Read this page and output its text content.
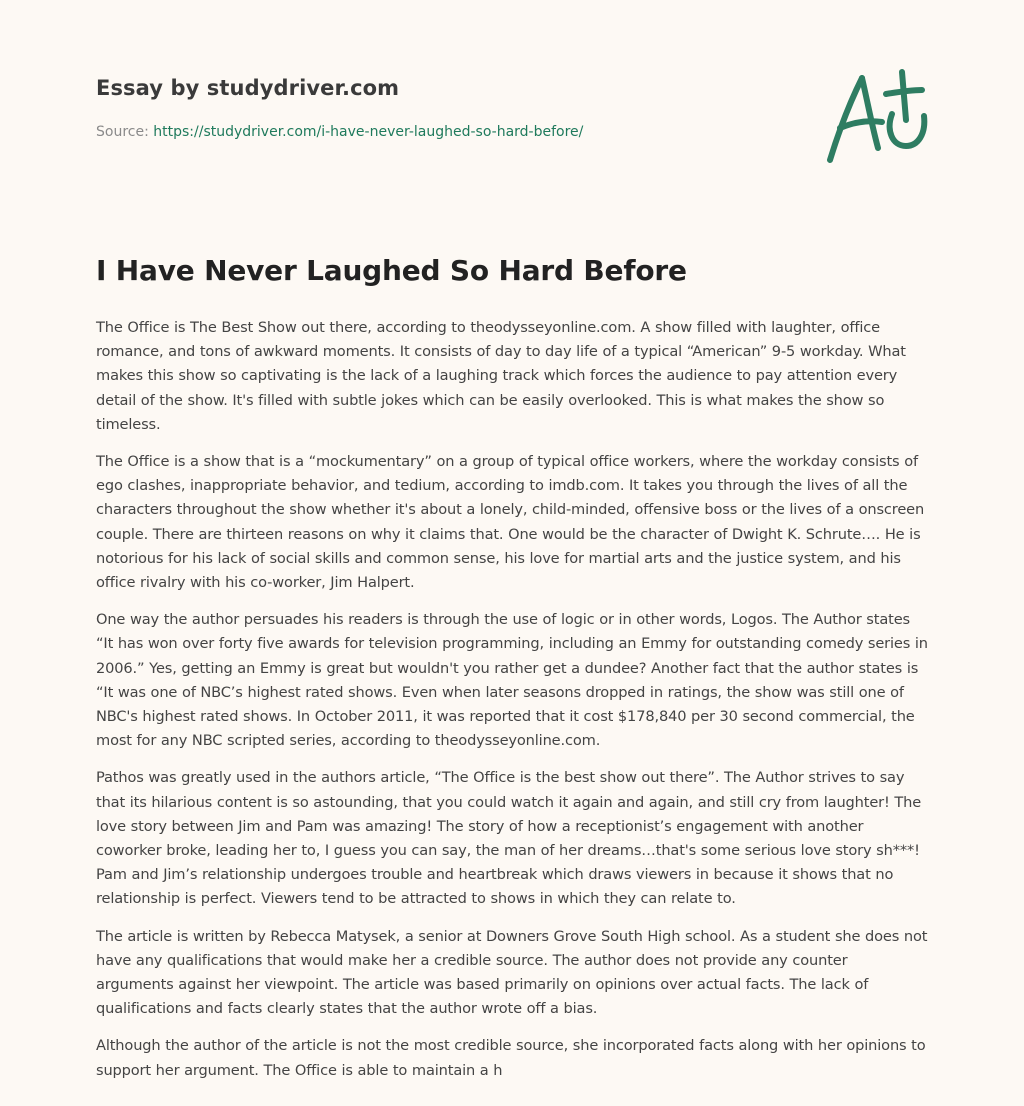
Essay by studydriver.com

Source: https://studydriver.com/i-have-never-laughed-so-hard-before/

I Have Never Laughed So Hard Before

The Office is The Best Show out there, according to theodysseyonline.com. A show filled with laughter, office romance, and tons of awkward moments. It consists of day to day life of a typical “American” 9-5 workday. What makes this show so captivating is the lack of a laughing track which forces the audience to pay attention every detail of the show. It's filled with subtle jokes which can be easily overlooked. This is what makes the show so timeless.

The Office is a show that is a “mockumentary” on a group of typical office workers, where the workday consists of ego clashes, inappropriate behavior, and tedium, according to imdb.com. It takes you through the lives of all the characters throughout the show whether it's about a lonely, child-minded, offensive boss or the lives of a onscreen couple. There are thirteen reasons on why it claims that. One would be the character of Dwight K. Schrute…. He is notorious for his lack of social skills and common sense, his love for martial arts and the justice system, and his office rivalry with his co-worker, Jim Halpert.

One way the author persuades his readers is through the use of logic or in other words, Logos. The Author states “It has won over forty five awards for television programming, including an Emmy for outstanding comedy series in 2006.” Yes, getting an Emmy is great but wouldn't you rather get a dundee? Another fact that the author states is “It was one of NBC’s highest rated shows. Even when later seasons dropped in ratings, the show was still one of NBC's highest rated shows. In October 2011, it was reported that it cost $178,840 per 30 second commercial, the most for any NBC scripted series, according to theodysseyonline.com.

Pathos was greatly used in the authors article, “The Office is the best show out there”. The Author strives to say that its hilarious content is so astounding, that you could watch it again and again, and still cry from laughter! The love story between Jim and Pam was amazing! The story of how a receptionist’s engagement with another coworker broke, leading her to, I guess you can say, the man of her dreams…that's some serious love story sh***! Pam and Jim’s relationship undergoes trouble and heartbreak which draws viewers in because it shows that no relationship is perfect. Viewers tend to be attracted to shows in which they can relate to.

The article is written by Rebecca Matysek, a senior at Downers Grove South High school. As a student she does not have any qualifications that would make her a credible source. The author does not provide any counter arguments against her viewpoint. The article was based primarily on opinions over actual facts. The lack of qualifications and facts clearly states that the author wrote off a bias.

Although the author of the article is not the most credible source, she incorporated facts along with her opinions to support her argument. The Office is able to maintain a h
